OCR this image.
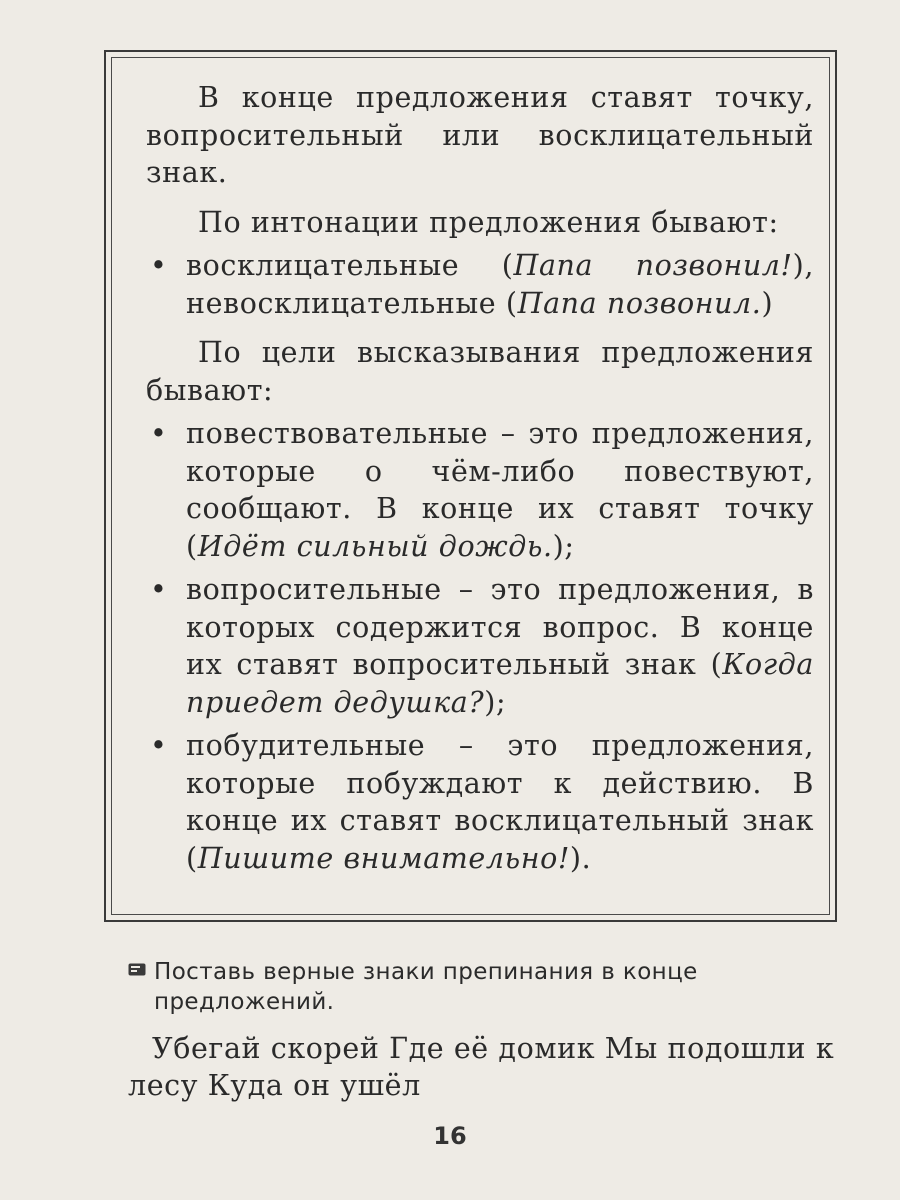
В конце предложения ставят точку, вопросительный или восклицательный знак.

По интонации предложения бывают:

• восклицательные (Папа позвонил!), невосклицательные (Папа позвонил.)

По цели высказывания предложения бывают:

• повествовательные – это предложения, которые о чём-либо повествуют, сообщают. В конце их ставят точку (Идёт сильный дождь.);
• вопросительные – это предложения, в которых содержится вопрос. В конце их ставят вопросительный знак (Когда приедет дедушка?);
• побудительные – это предложения, которые побуждают к действию. В конце их ставят восклицательный знак (Пишите внимательно!).
Поставь верные знаки препинания в конце предложений.
Убегай скорей Где её домик Мы подошли к лесу Куда он ушёл
16
